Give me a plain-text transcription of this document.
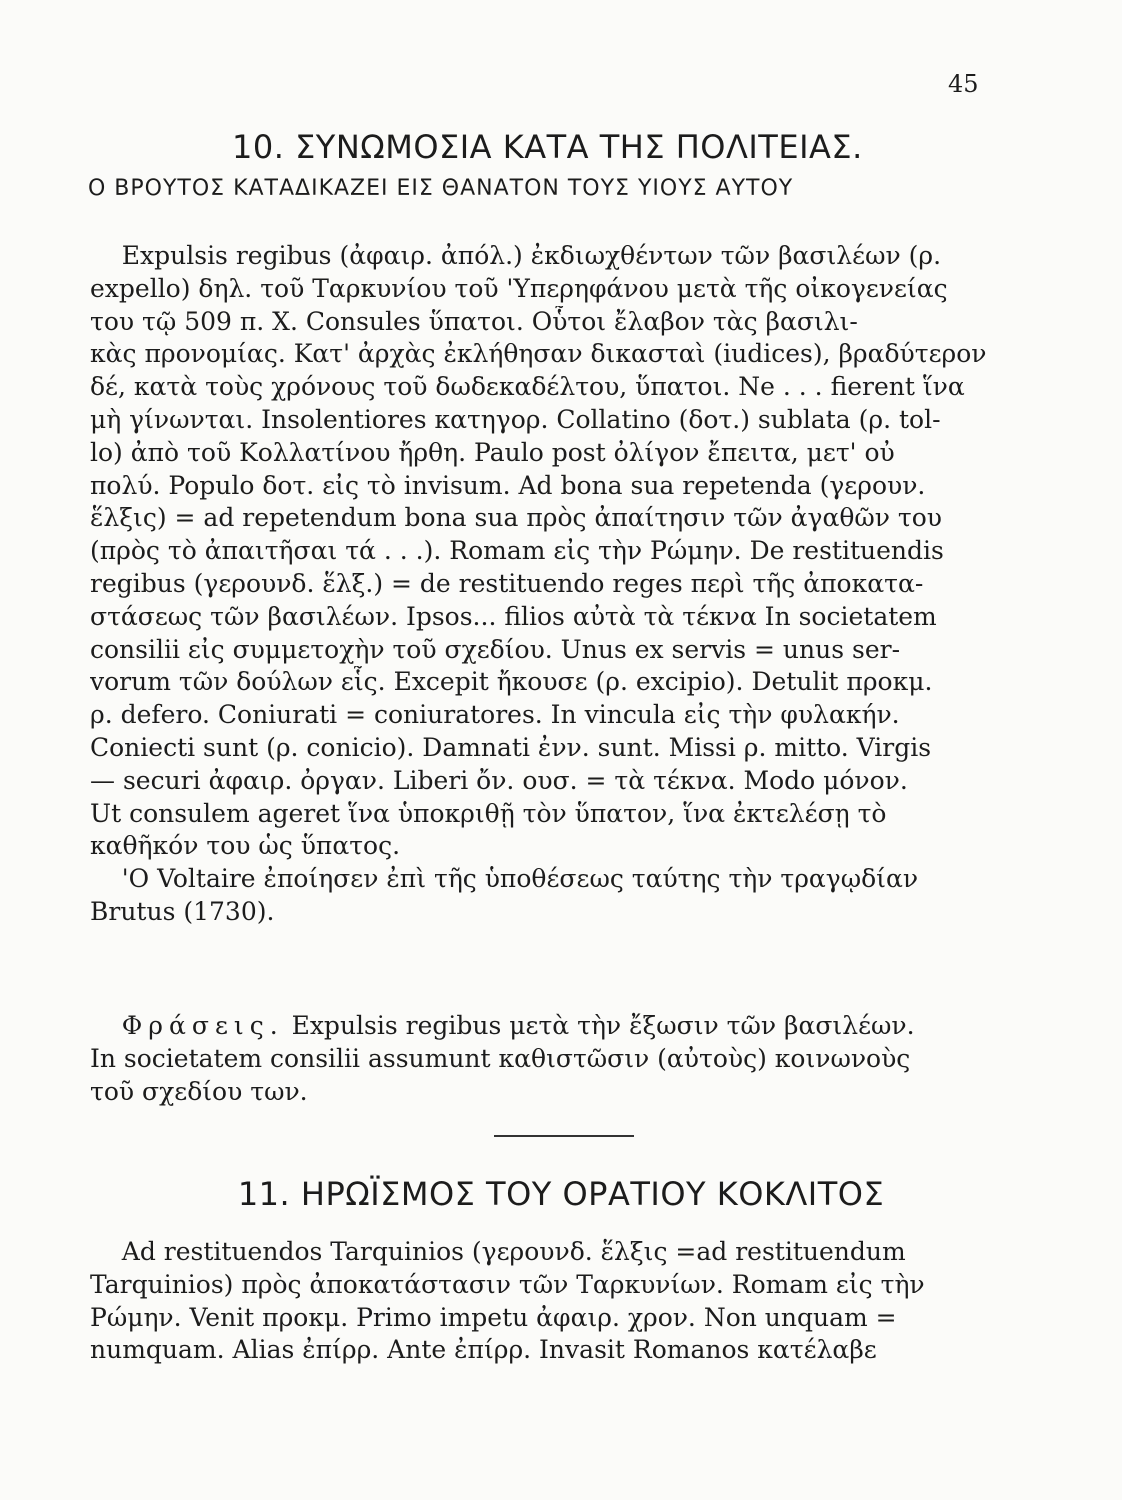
45
10. ΣΥΝΩΜΟΣΙΑ ΚΑΤΑ ΤΗΣ ΠΟΛΙΤΕΙΑΣ.
Ο ΒΡΟΥΤΟΣ ΚΑΤΑΔΙΚΑΖΕΙ ΕΙΣ ΘΑΝΑΤΟΝ ΤΟΥΣ ΥΙΟΥΣ ΑΥΤΟΥ
Expulsis regibus (ἀφαιρ. ἀπόλ.) ἐκδιωχθέντων τῶν βασιλέων (ρ.
expello) δηλ. τοῦ Ταρκυνίου τοῦ 'Υπερηφάνου μετὰ τῆς οἰκογενείας
του τῷ 509 π. Χ. Consules ὕπατοι. Οὗτοι ἔλαβον τὰς βασιλι-
κὰς προνομίας. Κατ' ἀρχὰς ἐκλήθησαν δικασταὶ (iudices), βραδύτερον
δέ, κατὰ τοὺς χρόνους τοῦ δωδεκαδέλτου, ὕπατοι. Ne . . . fierent ἵνα
μὴ γίνωνται. Insolentiores κατηγορ. Collatino (δοτ.) sublata (ρ. tol-
lo) ἀπὸ τοῦ Κολλατίνου ἤρθη. Paulo post ὀλίγον ἔπειτα, μετ' οὐ
πολύ. Populo δοτ. εἰς τὸ invisum. Ad bona sua repetenda (γερουν.
ἕλξις) = ad repetendum bona sua πρὸς ἀπαίτησιν τῶν ἀγαθῶν του
(πρὸς τὸ ἀπαιτῆσαι τά . . .). Romam εἰς τὴν Ρώμην. De restituendis
regibus (γερουνδ. ἕλξ.) = de restituendo reges περὶ τῆς ἀποκατα-
στάσεως τῶν βασιλέων. Ipsos... filios αὐτὰ τὰ τέκνα In societatem
consilii εἰς συμμετοχὴν τοῦ σχεδίου. Unus ex servis = unus ser-
vorum τῶν δούλων εἷς. Excepit ἤκουσε (ρ. excipio). Detulit προκμ.
ρ. defero. Coniurati = coniuratores. In vincula εἰς τὴν φυλακήν.
Coniecti sunt (ρ. conicio). Damnati ἐνν. sunt. Missi ρ. mitto. Virgis
— securi ἀφαιρ. ὀργαν. Liberi ὄν. ουσ. = τὰ τέκνα. Modo μόνον.
Ut consulem ageret ἵνα ὑποκριθῇ τὸν ὕπατον, ἵνα ἐκτελέσῃ τὸ
καθῆκόν του ὡς ὕπατος.
'Ο Voltaire ἐποίησεν ἐπὶ τῆς ὑποθέσεως ταύτης τὴν τραγῳδίαν
Brutus (1730).
Φράσεις. Expulsis regibus μετὰ τὴν ἔξωσιν τῶν βασιλέων.
In societatem consilii assumunt καθιστῶσιν (αὐτοὺς) κοινωνοὺς
τοῦ σχεδίου των.
11. ΗΡΩΪΣΜΟΣ ΤΟΥ ΟΡΑΤΙΟΥ ΚΟΚΛΙΤΟΣ
Ad restituendos Tarquinios (γερουνδ. ἕλξις =ad restituendum
Tarquinios) πρὸς ἀποκατάστασιν τῶν Ταρκυνίων. Romam εἰς τὴν
Ρώμην. Venit προκμ. Primo impetu ἀφαιρ. χρον. Non unquam =
numquam. Alias ἐπίρρ. Ante ἐπίρρ. Invasit Romanos κατέλαβε
